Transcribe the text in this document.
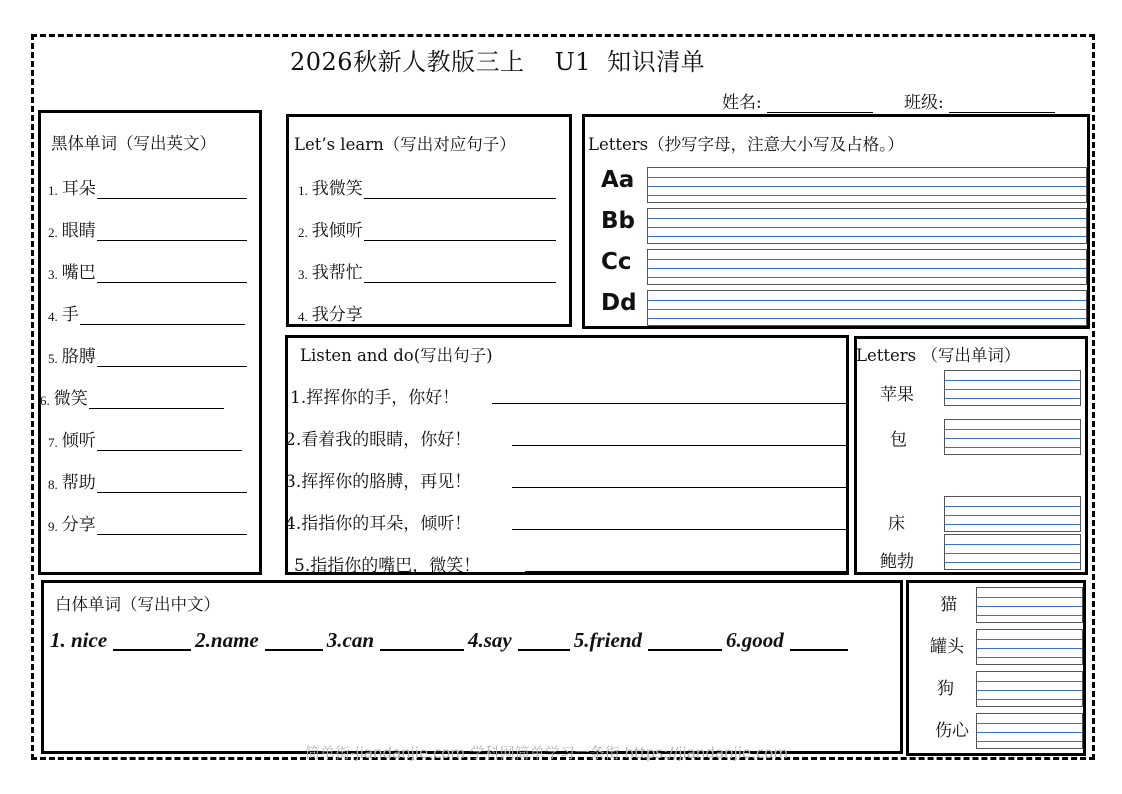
2026秋新人教版三上 U1 知识清单
姓名:	班级:
黑体单词（写出英文）	Let’s learn（写出对应句子）	Letters（抄写字母，注意大小写及占格。）
Listen and do(写出句子)	Letters （写出单词）
白体单词（写出中文）
1. nice	2.name	3.can	4.say	5.friend	6.good
简单街-jiandanjie.com 学科网简单学习一条街 https://jiandanjie.com
1. 耳朵
2. 眼睛
3. 嘴巴
4. 手
5. 胳膊
6. 微笑
7. 倾听
8. 帮助
9. 分享
1. 我微笑
2. 我倾听
3. 我帮忙
4. 我分享
Aa
Bb
Cc
Dd
1.挥挥你的手，你好！
2.看着我的眼睛，你好！
3.挥挥你的胳膊，再见！
4.指指你的耳朵，倾听！
5.指指你的嘴巴，微笑！
苹果
包
床
鲍勃
猫
罐头
狗
伤心
